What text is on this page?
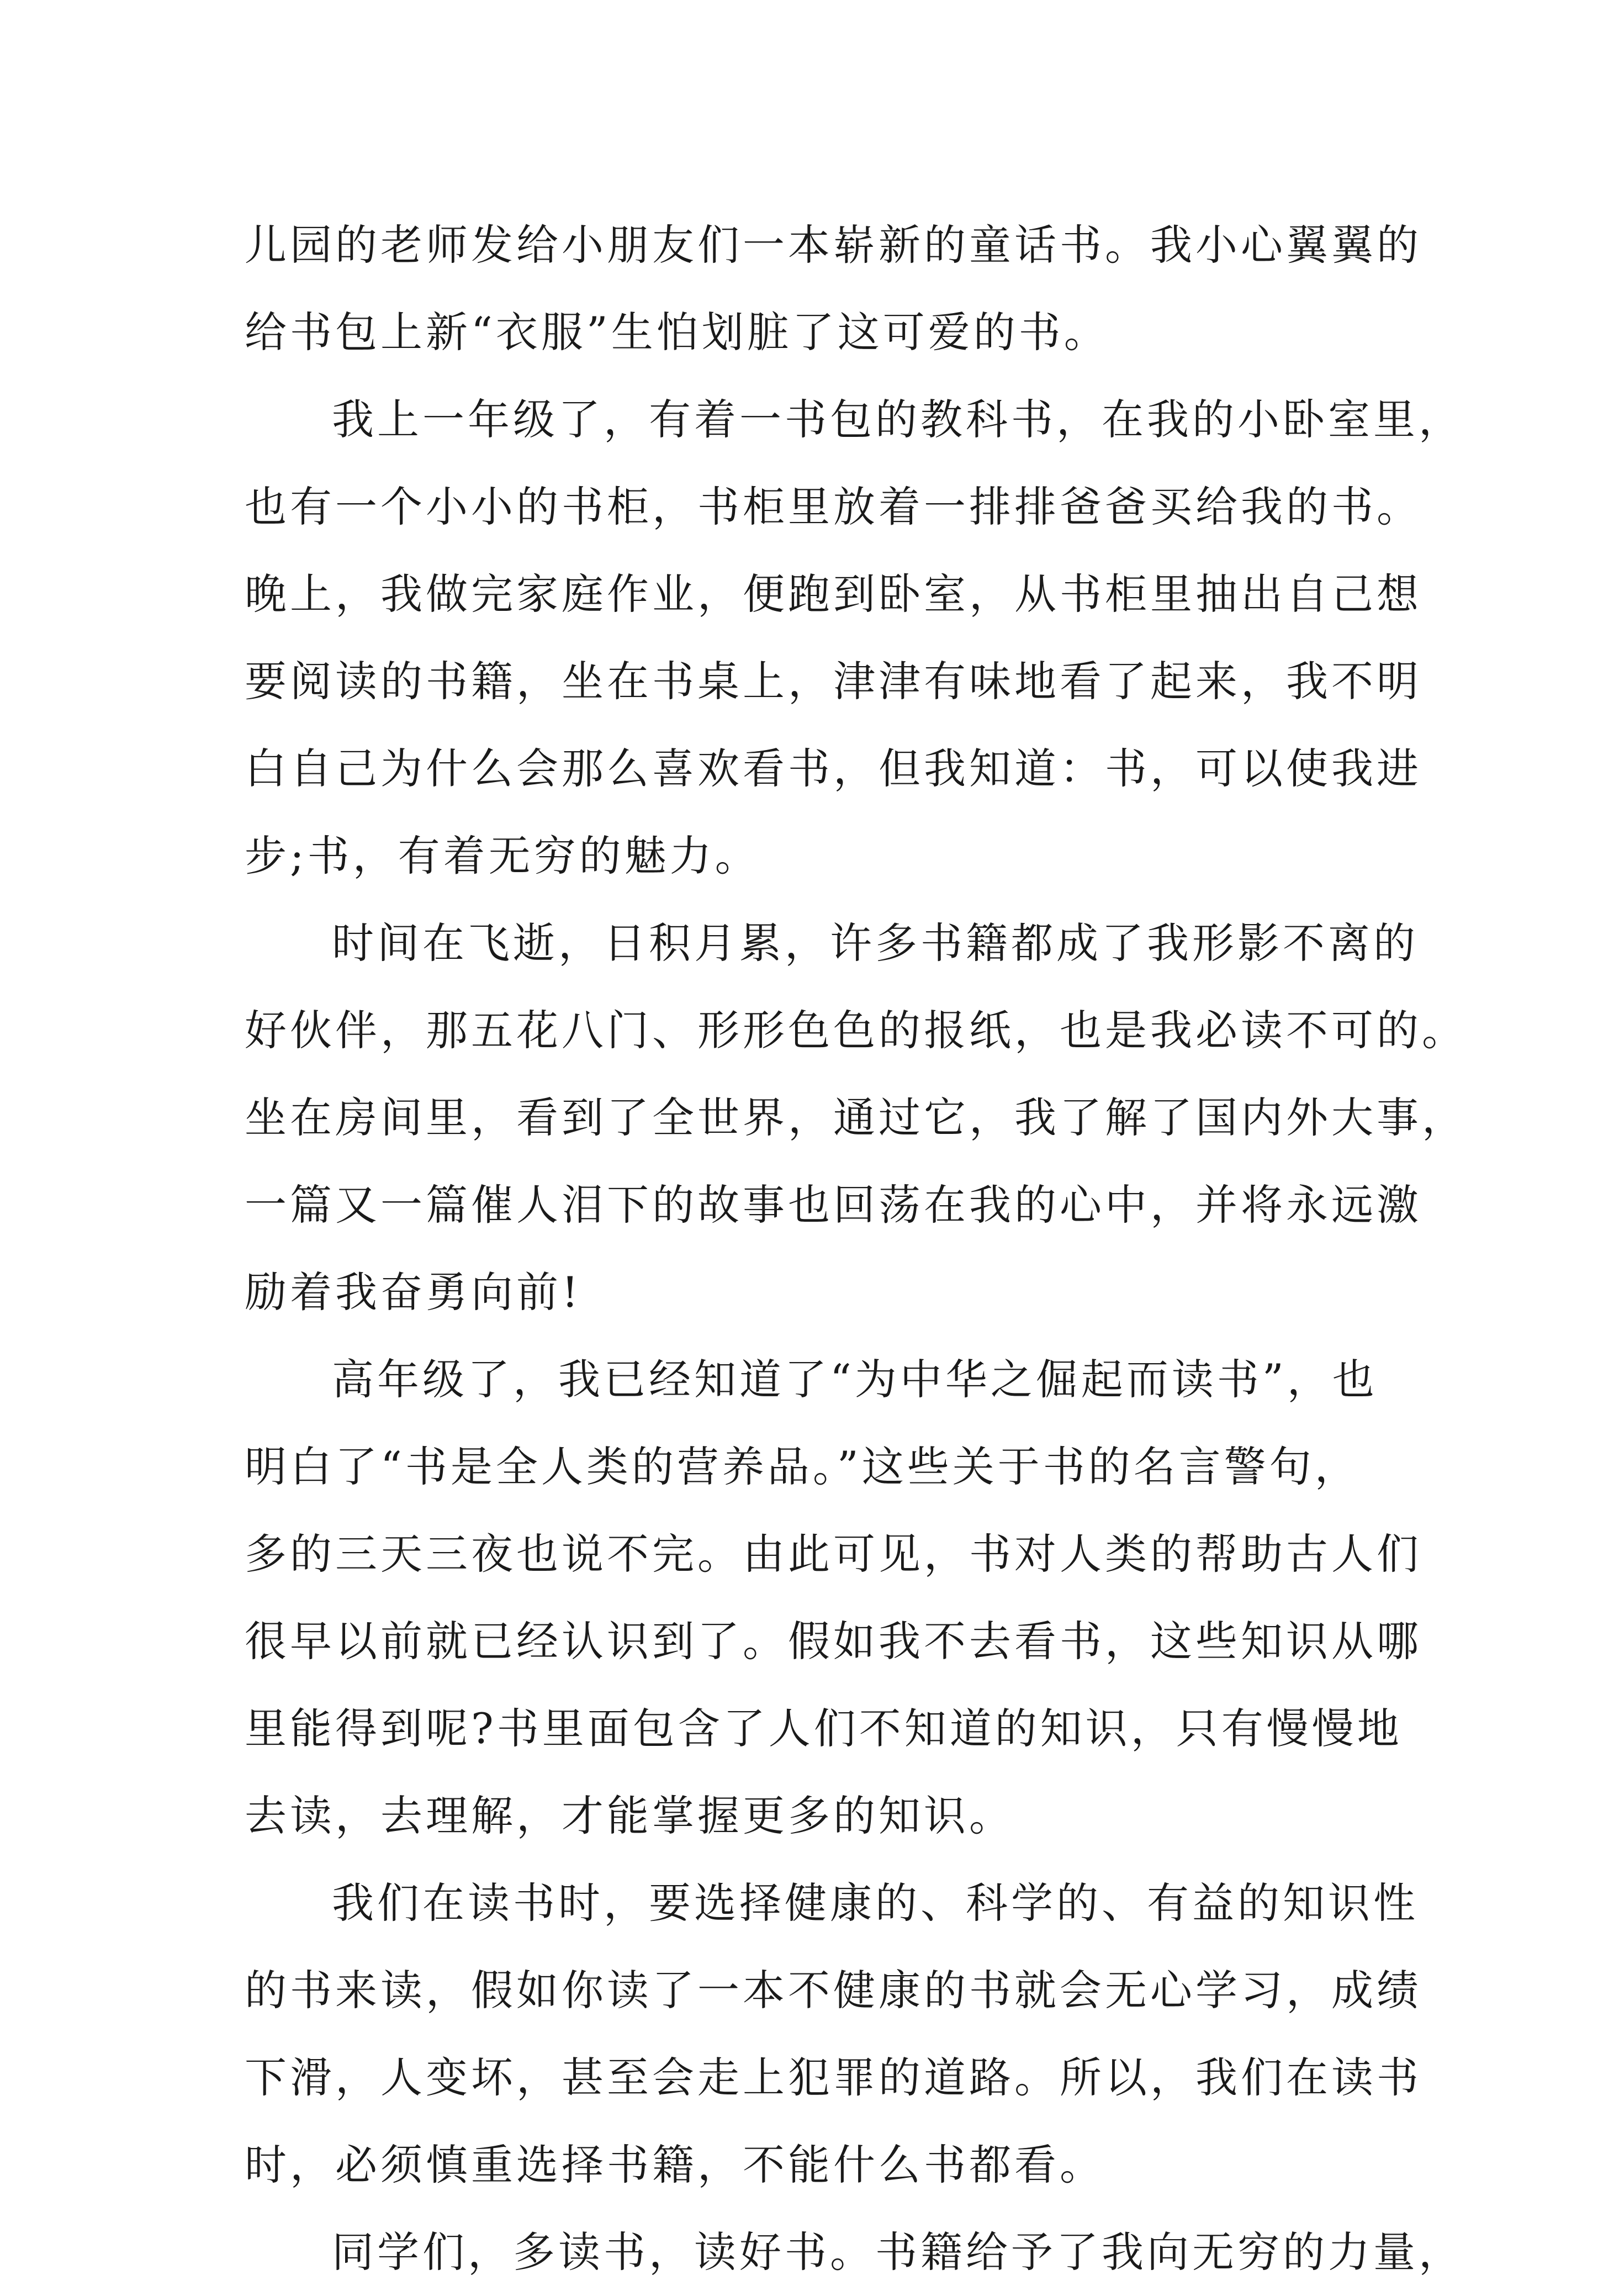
儿园的老师发给小朋友们一本崭新的童话书。我小心翼翼的
给书包上新“衣服”生怕划脏了这可爱的书。
我上一年级了，有着一书包的教科书，在我的小卧室里，
也有一个小小的书柜，书柜里放着一排排爸爸买给我的书。
晚上，我做完家庭作业，便跑到卧室，从书柜里抽出自己想
要阅读的书籍，坐在书桌上，津津有味地看了起来，我不明
白自己为什么会那么喜欢看书，但我知道：书，可以使我进
步;书，有着无穷的魅力。
时间在飞逝，日积月累，许多书籍都成了我形影不离的
好伙伴，那五花八门、形形色色的报纸，也是我必读不可的。
坐在房间里，看到了全世界，通过它，我了解了国内外大事，
一篇又一篇催人泪下的故事也回荡在我的心中，并将永远激
励着我奋勇向前!
高年级了，我已经知道了“为中华之倔起而读书”，也
明白了“书是全人类的营养品。”这些关于书的名言警句，
多的三天三夜也说不完。由此可见，书对人类的帮助古人们
很早以前就已经认识到了。假如我不去看书，这些知识从哪
里能得到呢?书里面包含了人们不知道的知识，只有慢慢地
去读，去理解，才能掌握更多的知识。
我们在读书时，要选择健康的、科学的、有益的知识性
的书来读，假如你读了一本不健康的书就会无心学习，成绩
下滑，人变坏，甚至会走上犯罪的道路。所以，我们在读书
时，必须慎重选择书籍，不能什么书都看。
同学们，多读书，读好书。书籍给予了我向无穷的力量，
